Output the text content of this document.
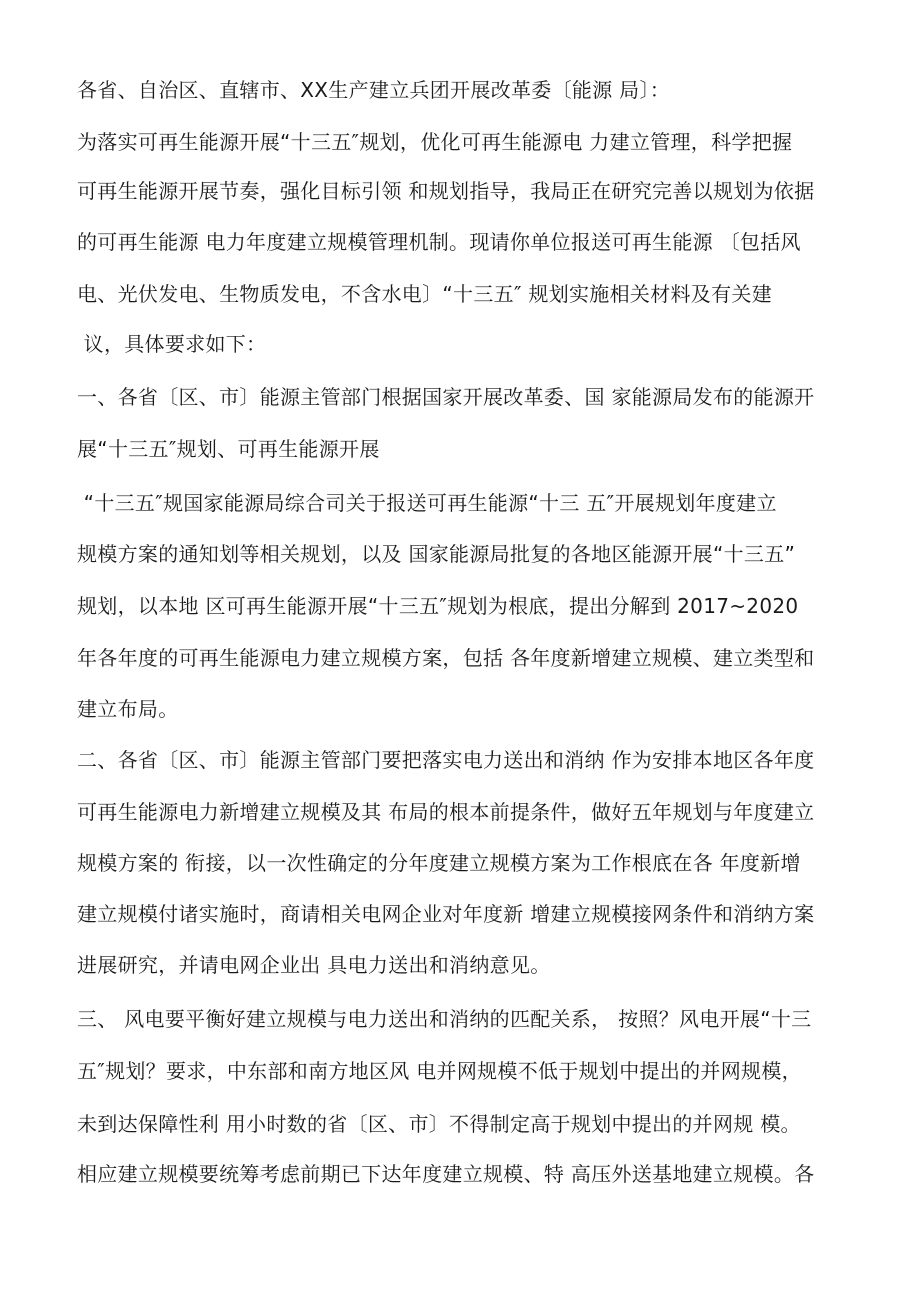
各省、自治区、直辖市、XX生产建立兵团开展改革委〔能源 局〕：
为落实可再生能源开展“十三五″规划，优化可再生能源电 力建立管理，科学把握
可再生能源开展节奏，强化目标引领 和规划指导，我局正在研究完善以规划为依据
的可再生能源 电力年度建立规模管理机制。现请你单位报送可再生能源 〔包括风
电、光伏发电、生物质发电，不含水电〕“十三五″ 规划实施相关材料及有关建
议，具体要求如下：
一、各省〔区、市〕能源主管部门根据国家开展改革委、国 家能源局发布的能源开
展“十三五″规划、可再生能源开展
“十三五″规国家能源局综合司关于报送可再生能源“十三 五″开展规划年度建立
规模方案的通知划等相关规划，以及 国家能源局批复的各地区能源开展“十三五”
规划，以本地 区可再生能源开展“十三五″规划为根底，提出分解到 2017~2020
年各年度的可再生能源电力建立规模方案，包括 各年度新增建立规模、建立类型和
建立布局。
二、各省〔区、市〕能源主管部门要把落实电力送出和消纳 作为安排本地区各年度
可再生能源电力新增建立规模及其 布局的根本前提条件，做好五年规划与年度建立
规模方案的 衔接，以一次性确定的分年度建立规模方案为工作根底在各 年度新增
建立规模付诸实施时，商请相关电网企业对年度新 增建立规模接网条件和消纳方案
进展研究，并请电网企业出 具电力送出和消纳意见。
三、 风电要平衡好建立规模与电力送出和消纳的匹配关系， 按照？风电开展“十三
五″规划？要求，中东部和南方地区风 电并网规模不低于规划中提出的并网规模，
未到达保障性利 用小时数的省〔区、市〕不得制定高于规划中提出的并网规 模。
相应建立规模要统筹考虑前期已下达年度建立规模、特 高压外送基地建立规模。各
